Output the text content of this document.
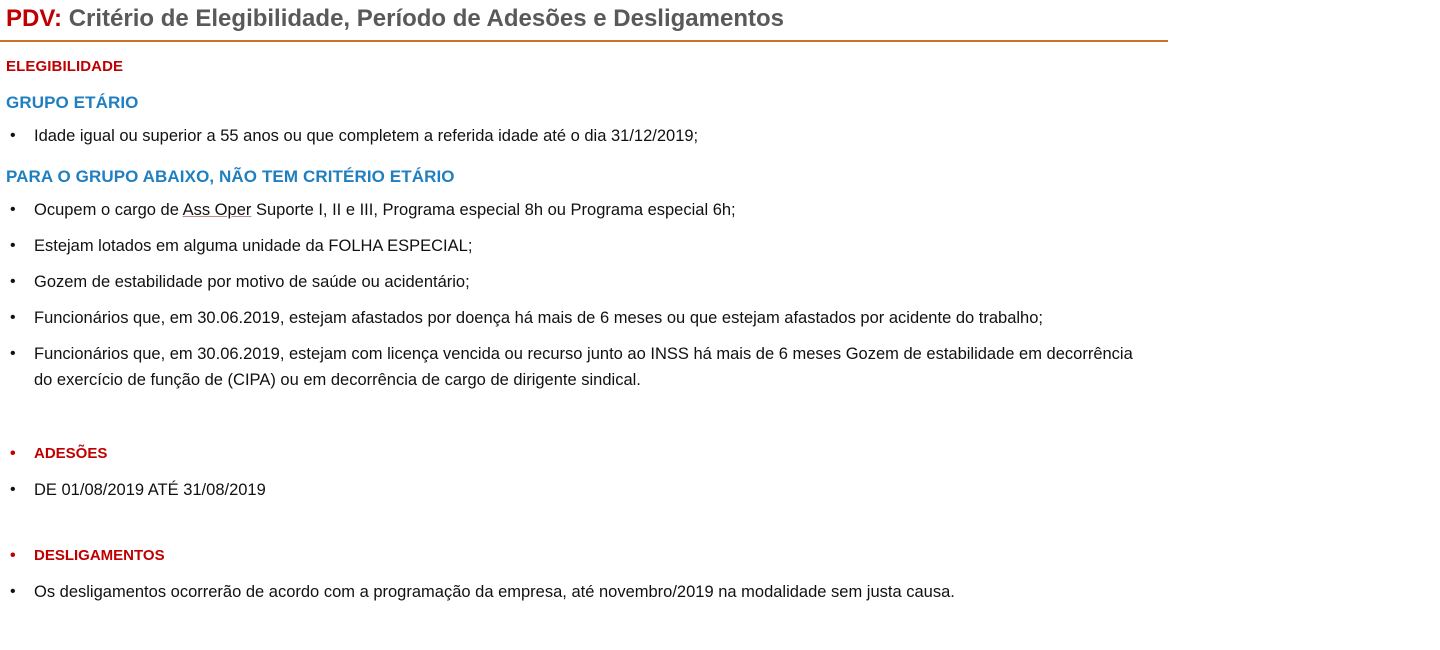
PDV: Critério de Elegibilidade, Período de Adesões e Desligamentos
ELEGIBILIDADE
GRUPO ETÁRIO
• Idade igual ou superior a 55 anos ou que completem a referida idade até o dia 31/12/2019;
PARA O GRUPO ABAIXO, NÃO TEM CRITÉRIO ETÁRIO
• Ocupem o cargo de Ass Oper Suporte I, II e III, Programa especial 8h ou Programa especial 6h;
• Estejam lotados em alguma unidade da FOLHA ESPECIAL;
• Gozem de estabilidade por motivo de saúde ou acidentário;
• Funcionários que, em 30.06.2019, estejam afastados por doença há mais de 6 meses ou que estejam afastados por acidente do trabalho;
• Funcionários que, em 30.06.2019, estejam com licença vencida ou recurso junto ao INSS há mais de 6 meses Gozem de estabilidade em decorrência do exercício de função de (CIPA) ou em decorrência de cargo de dirigente sindical.
• ADESÕES
• DE 01/08/2019 ATÉ 31/08/2019
• DESLIGAMENTOS
• Os desligamentos ocorrerão de acordo com a programação da empresa, até novembro/2019 na modalidade sem justa causa.
